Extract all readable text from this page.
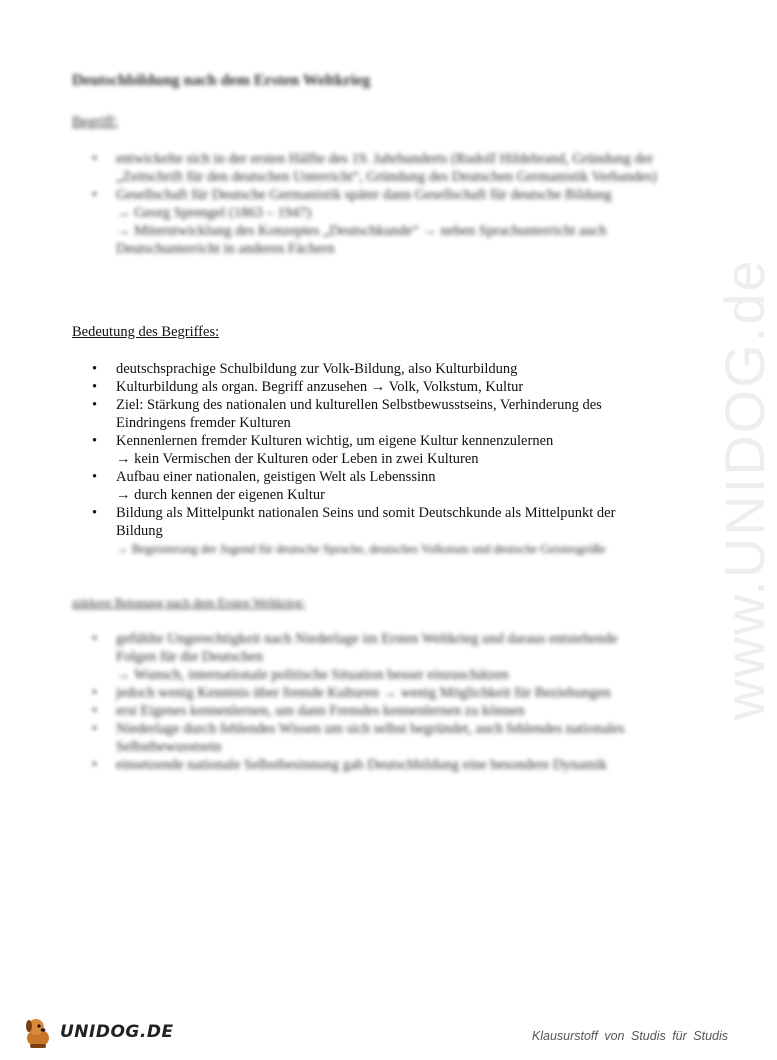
www.UNIDOG.de
Deutschbildung nach dem Ersten Weltkrieg
Begriff:
• entwickelte sich in der ersten Hälfte des 19. Jahrhunderts (Rudolf Hildebrand, Gründung der „Zeitschrift für den deutschen Unterricht“, Gründung des Deutschen Germanistik Verbandes)
• Gesellschaft für Deutsche Germanistik später dann Gesellschaft für deutsche Bildung
→ Georg Sprengel (1863 – 1947)
→ Miterntwicklung des Konzeptes „Deutschkunde“ → neben Sprachunterricht auch Deutschunterricht in anderen Fächern
Bedeutung des Begriffes:
• deutschsprachige Schulbildung zur Volk-Bildung, also Kulturbildung
• Kulturbildung als organ. Begriff anzusehen → Volk, Volkstum, Kultur
• Ziel: Stärkung des nationalen und kulturellen Selbstbewusstseins, Verhinderung des Eindringens fremder Kulturen
• Kennenlernen fremder Kulturen wichtig, um eigene Kultur kennenzulernen
→ kein Vermischen der Kulturen oder Leben in zwei Kulturen
• Aufbau einer nationalen, geistigen Welt als Lebenssinn
→ durch kennen der eigenen Kultur
• Bildung als Mittelpunkt nationalen Seins und somit Deutschkunde als Mittelpunkt der Bildung
→ Begeisterung der Jugend für deutsche Sprache, deutsches Volkstum und deutsche Geistesgröße
stärkere Betonung nach dem Ersten Weltkrieg:
• gefühlte Ungerechtigkeit nach Niederlage im Ersten Weltkrieg und daraus entstehende Folgen für die Deutschen
→ Wunsch, internationale politische Situation besser einzuschätzen
• jedoch wenig Kenntnis über fremde Kulturen → wenig Möglichkeit für Beziehungen
• erst Eigenes kennenlernen, um dann Fremdes kennenlernen zu können
• Niederlage durch fehlendes Wissen um sich selbst begründet, auch fehlendes nationales Selbstbewusstsein
• einsetzende nationale Selbstbesinnung gab Deutschbildung eine besondere Dynamik
UNIDOG.DE	Klausurstoff von Studis für Studis
